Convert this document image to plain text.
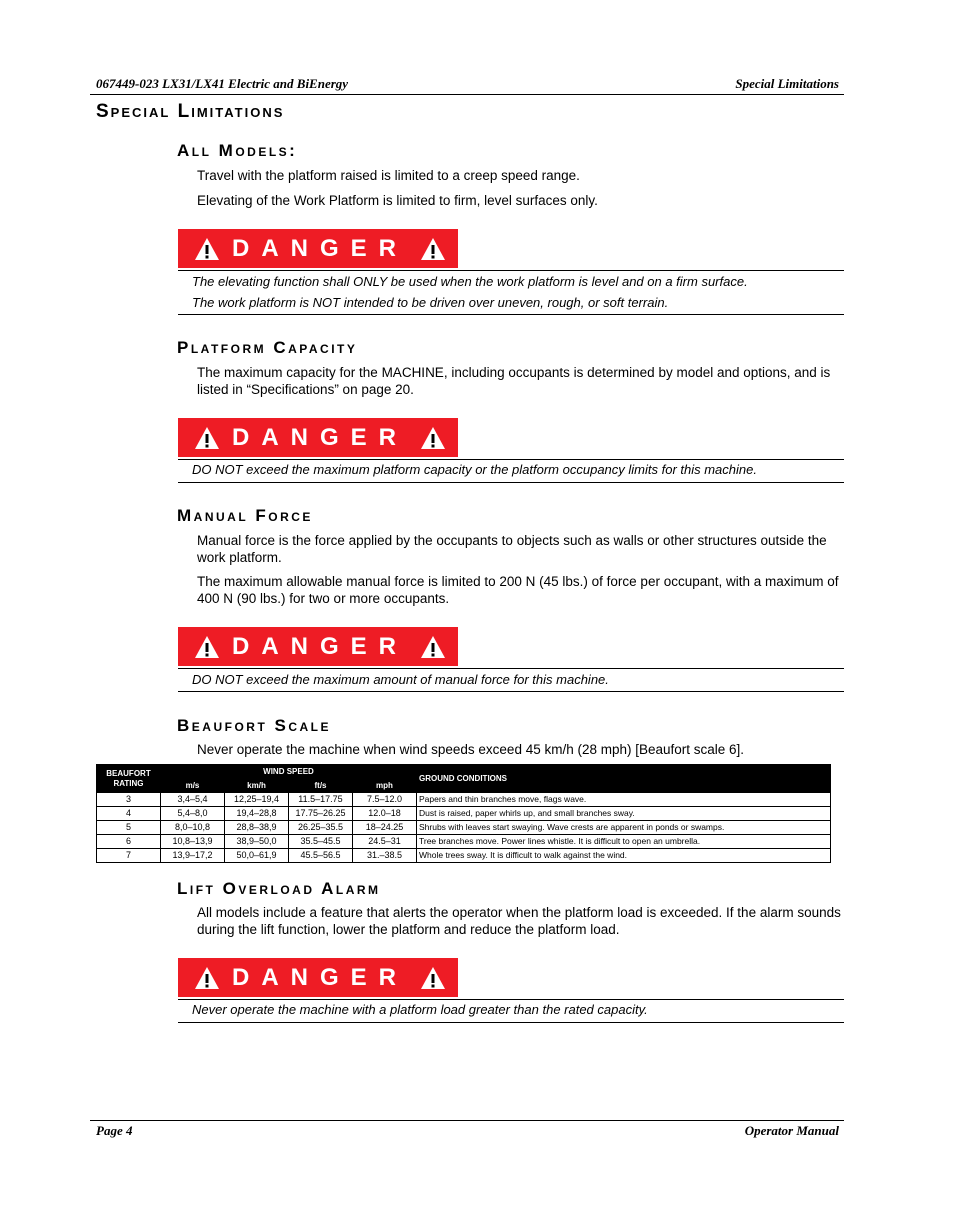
067449-023 LX31/LX41 Electric and BiEnergy	Special Limitations
Special Limitations
All Models:
Travel with the platform raised is limited to a creep speed range.
Elevating of the Work Platform is limited to firm, level surfaces only.
DANGER
The elevating function shall ONLY be used when the work platform is level and on a firm surface.
The work platform is NOT intended to be driven over uneven, rough, or soft terrain.
Platform Capacity
The maximum capacity for the MACHINE, including occupants is determined by model and options, and is listed in “Specifications” on page 20.
DANGER
DO NOT exceed the maximum platform capacity or the platform occupancy limits for this machine.
Manual Force
Manual force is the force applied by the occupants to objects such as walls or other structures outside the work platform.
The maximum allowable manual force is limited to 200 N (45 lbs.) of force per occupant, with a maximum of 400 N (90 lbs.) for two or more occupants.
DANGER
DO NOT exceed the maximum amount of manual force for this machine.
Beaufort Scale
Never operate the machine when wind speeds exceed 45 km/h (28 mph) [Beaufort scale 6].
BEAUFORT RATING	WIND SPEED				GROUND CONDITIONS
	m/s	km/h	ft/s	mph	
3	3,4–5,4	12,25–19,4	11.5–17.75	7.5–12.0	Papers and thin branches move, flags wave.
4	5,4–8,0	19,4–28,8	17.75–26.25	12.0–18	Dust is raised, paper whirls up, and small branches sway.
5	8,0–10,8	28,8–38,9	26.25–35.5	18–24.25	Shrubs with leaves start swaying. Wave crests are apparent in ponds or swamps.
6	10,8–13,9	38,9–50,0	35.5–45.5	24.5–31	Tree branches move. Power lines whistle. It is difficult to open an umbrella.
7	13,9–17,2	50,0–61,9	45.5–56.5	31.–38.5	Whole trees sway. It is difficult to walk against the wind.
Lift Overload Alarm
All models include a feature that alerts the operator when the platform load is exceeded. If the alarm sounds during the lift function, lower the platform and reduce the platform load.
DANGER
Never operate the machine with a platform load greater than the rated capacity.
Page 4	Operator Manual
